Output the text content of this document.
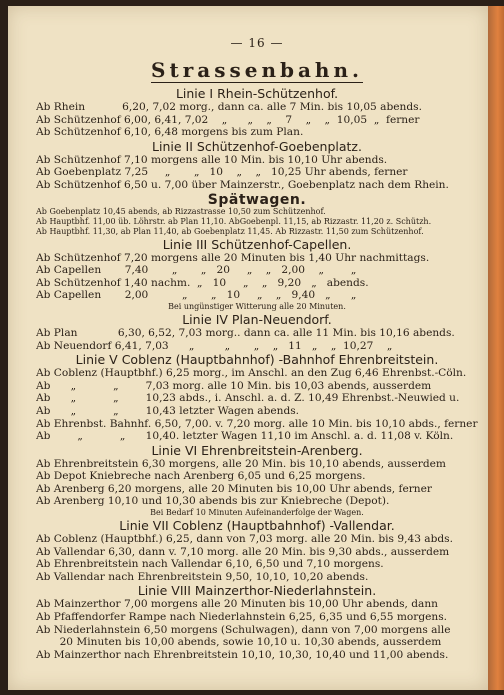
— 16 —
Strassenbahn.
Linie I Rhein-Schützenhof.
Ab Rhein           6,20, 7,02 morg., dann ca. alle 7 Min. bis 10,05 abends.
Ab Schützenhof 6,00, 6,41, 7,02    „      „    „    7    „    „  10,05  „  ferner
Ab Schützenhof 6,10, 6,48 morgens bis zum Plan.
Linie II Schützenhof-Goebenplatz.
Ab Schützenhof 7,10 morgens alle 10 Min. bis 10,10 Uhr abends.
Ab Goebenplatz 7,25     „       „   10    „    „   10,25 Uhr abends, ferner
Ab Schützenhof 6,50 u. 7,00 über Mainzerstr., Goebenplatz nach dem Rhein.
Spätwagen.
Ab Goebenplatz 10,45 abends, ab Rizzastrasse 10,50 zum Schützenhof.
Ab Hauptbhf. 11,00 üb. Löhrstr. ab Plan 11,10. AbGoebenpl. 11,15, ab Rizzastr. 11,20 z. Schützh.
Ab Hauptbhf. 11,30, ab Plan 11,40, ab Goebenplatz 11,45. Ab Rizzastr. 11,50 zum Schützenhof.
Linie III Schützenhof-Capellen.
Ab Schützenhof 7,20 morgens alle 20 Minuten bis 1,40 Uhr nachmittags.
Ab Capellen       7,40       „       „   20     „    „   2,00    „        „
Ab Schützenhof 1,40 nachm.  „   10     „    „   9,20   „   abends.
Ab Capellen       2,00          „       „   10     „    „   9,40   „      „
Bei ungünstiger Witterung alle 20 Minuten.
Linie IV Plan-Neuendorf.
Ab Plan            6,30, 6,52, 7,03 morg.. dann ca. alle 11 Min. bis 10,16 abends.
Ab Neuendorf 6,41, 7,03      „         „       „    „   11   „    „  10,27    „
Linie V Coblenz (Hauptbahnhof) -Bahnhof Ehrenbreitstein.
Ab Coblenz (Hauptbhf.) 6,25 morg., im Anschl. an den Zug 6,46 Ehrenbst.-Cöln.
Ab      „           „        7,03 morg. alle 10 Min. bis 10,03 abends, ausserdem
Ab      „           „        10,23 abds., i. Anschl. a. d. Z. 10,49 Ehrenbst.-Neuwied u.
Ab      „           „        10,43 letzter Wagen abends.
Ab Ehrenbst. Bahnhf. 6,50, 7,00. v. 7,20 morg. alle 10 Min. bis 10,10 abds., ferner
Ab        „           „      10,40. letzter Wagen 11,10 im Anschl. a. d. 11,08 v. Köln.
Linie VI Ehrenbreitstein-Arenberg.
Ab Ehrenbreitstein 6,30 morgens, alle 20 Min. bis 10,10 abends, ausserdem
Ab Depot Kniebreche nach Arenberg 6,05 und 6,25 morgens.
Ab Arenberg 6,20 morgens, alle 20 Minuten bis 10,00 Uhr abends, ferner
Ab Arenberg 10,10 und 10,30 abends bis zur Kniebreche (Depot).
Bei Bedarf 10 Minuten Aufeinanderfolge der Wagen.
Linie VII Coblenz (Hauptbahnhof) -Vallendar.
Ab Coblenz (Hauptbhf.) 6,25, dann von 7,03 morg. alle 20 Min. bis 9,43 abds.
Ab Vallendar 6,30, dann v. 7,10 morg. alle 20 Min. bis 9,30 abds., ausserdem
Ab Ehrenbreitstein nach Vallendar 6,10, 6,50 und 7,10 morgens.
Ab Vallendar nach Ehrenbreitstein 9,50, 10,10, 10,20 abends.
Linie VIII Mainzerthor-Niederlahnstein.
Ab Mainzerthor 7,00 morgens alle 20 Minuten bis 10,00 Uhr abends, dann
Ab Pfaffendorfer Rampe nach Niederlahnstein 6,25, 6,35 und 6,55 morgens.
Ab Niederlahnstein 6,50 morgens (Schulwagen), dann von 7,00 morgens alle
20 Minuten bis 10,00 abends, sowie 10,10 u. 10,30 abends, ausserdem
Ab Mainzerthor nach Ehrenbreitstein 10,10, 10,30, 10,40 und 11,00 abends.
